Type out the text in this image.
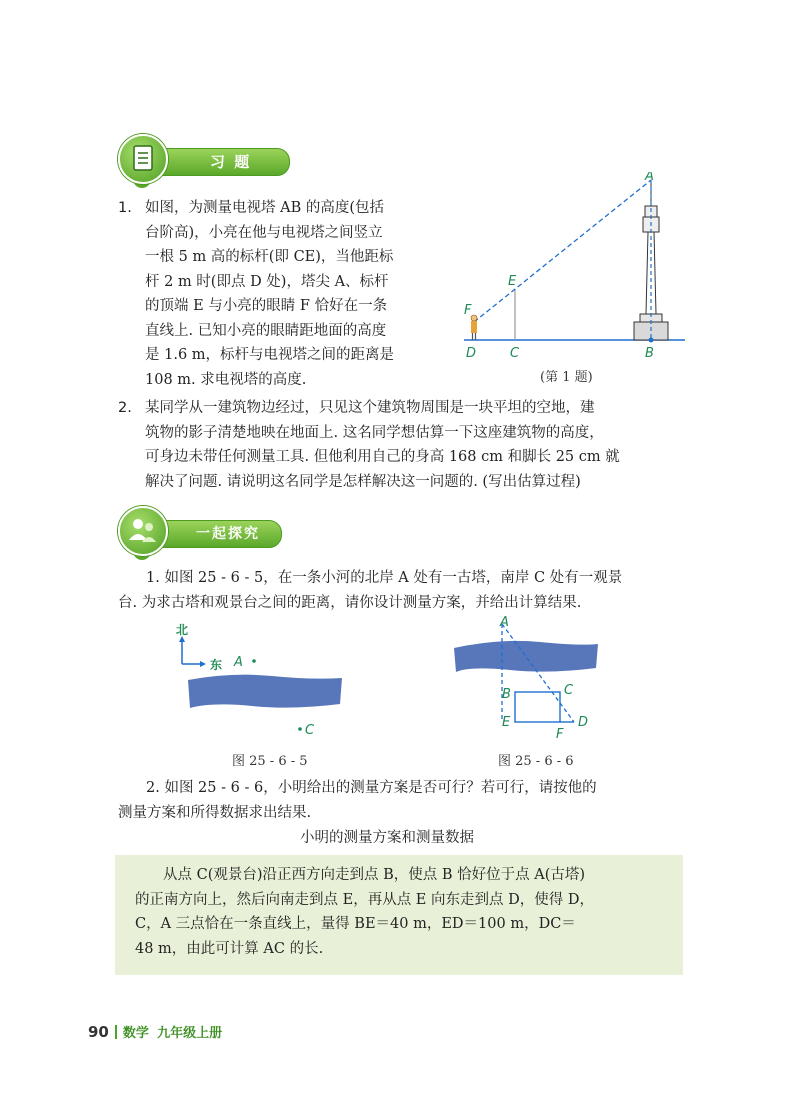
习 题
1. 如图，为测量电视塔 AB 的高度(包括
台阶高)，小亮在他与电视塔之间竖立
一根 5 m 高的标杆(即 CE)，当他距标
杆 2 m 时(即点 D 处)，塔尖 A、标杆
的顶端 E 与小亮的眼睛 F 恰好在一条
直线上. 已知小亮的眼睛距地面的高度
是 1.6 m，标杆与电视塔之间的距离是
108 m. 求电视塔的高度.
A
E
F
D	C	B
(第 1 题)
2. 某同学从一建筑物边经过，只见这个建筑物周围是一块平坦的空地，建
筑物的影子清楚地映在地面上. 这名同学想估算一下这座建筑物的高度，
可身边未带任何测量工具. 但他利用自己的身高 168 cm 和脚长 25 cm 就
解决了问题. 请说明这名同学是怎样解决这一问题的. (写出估算过程)
一起探究
1. 如图 25 - 6 - 5，在一条小河的北岸 A 处有一古塔，南岸 C 处有一观景
台. 为求古塔和观景台之间的距离，请你设计测量方案，并给出计算结果.
北
东 A
C
图 25 - 6 - 5
A
B	C
E
F
D
图 25 - 6 - 6
2. 如图 25 - 6 - 6，小明给出的测量方案是否可行？若可行，请按他的
测量方案和所得数据求出结果.
小明的测量方案和测量数据
从点 C(观景台)沿正西方向走到点 B，使点 B 恰好位于点 A(古塔)
的正南方向上，然后向南走到点 E，再从点 E 向东走到点 D，使得 D，
C，A 三点恰在一条直线上，量得 BE＝40 m，ED＝100 m，DC＝
48 m，由此可计算 AC 的长.
90 数学 九年级上册
